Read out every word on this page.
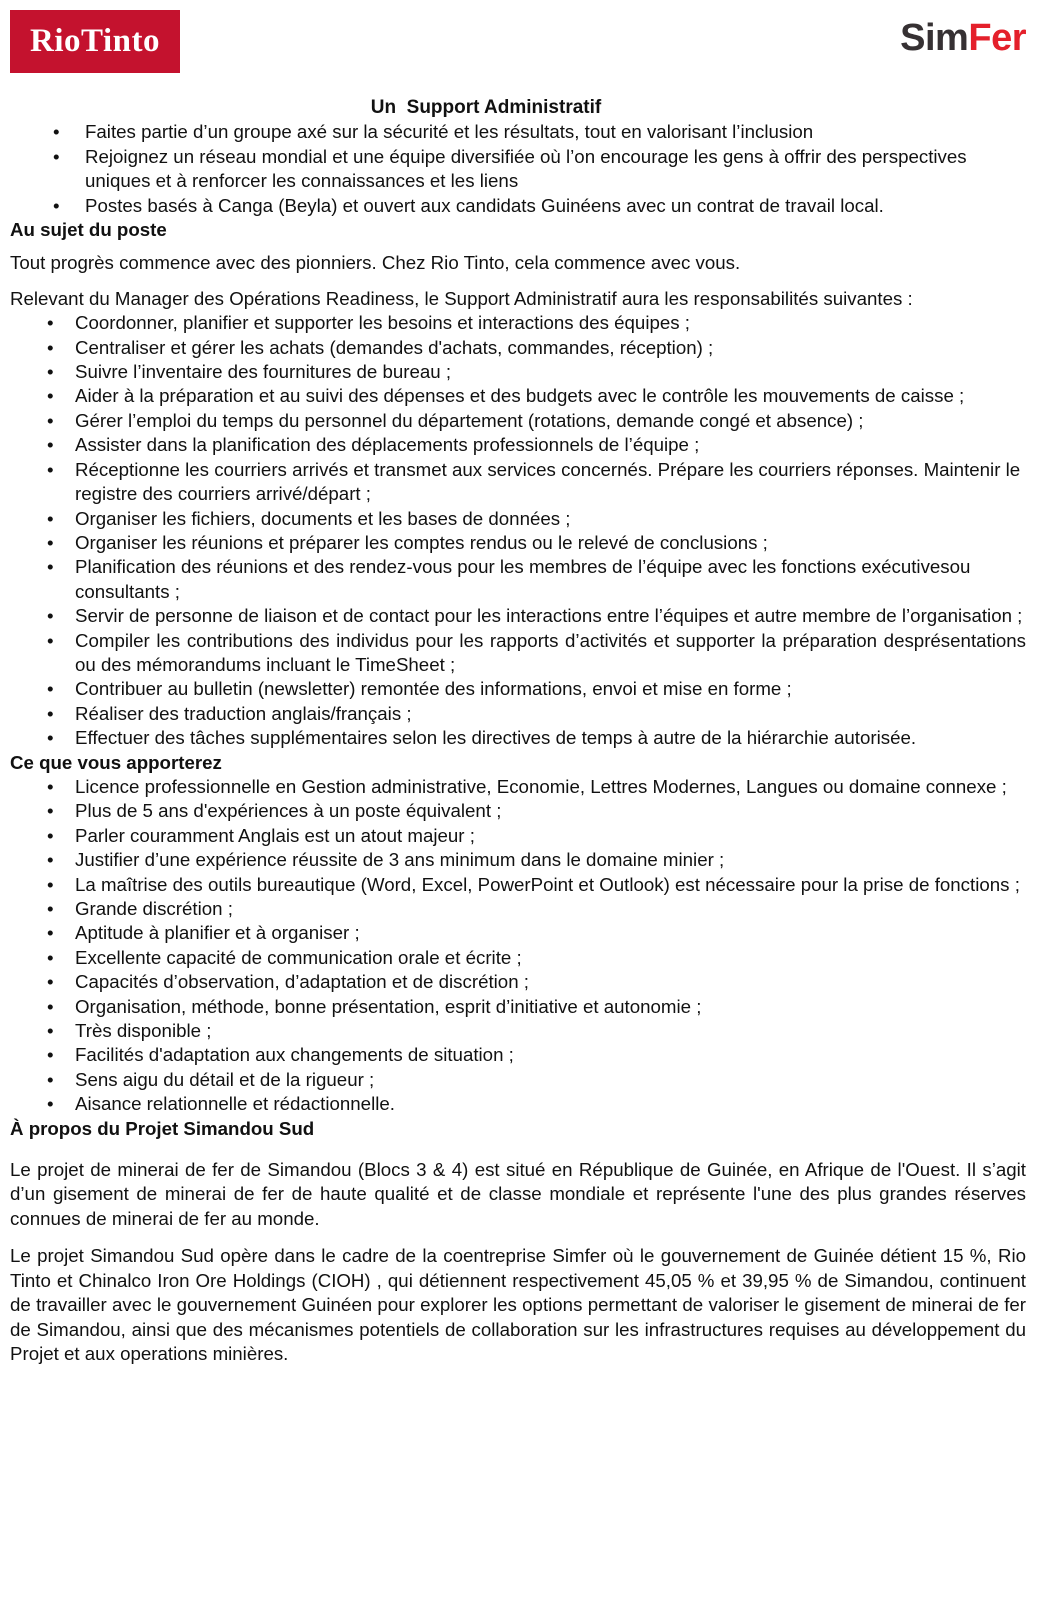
RioTinto	SimFer
Un  Support Administratif
• Faites partie d’un groupe axé sur la sécurité et les résultats, tout en valorisant l’inclusion
• Rejoignez un réseau mondial et une équipe diversifiée où l’on encourage les gens à offrir des perspectives uniques et à renforcer les connaissances et les liens
• Postes basés à Canga (Beyla) et ouvert aux candidats Guinéens avec un contrat de travail local.
Au sujet du poste

Tout progrès commence avec des pionniers. Chez Rio Tinto, cela commence avec vous.

Relevant du Manager des Opérations Readiness, le Support Administratif aura les responsabilités suivantes :

• Coordonner, planifier et supporter les besoins et interactions des équipes ;
• Centraliser et gérer les achats (demandes d'achats, commandes, réception) ;
• Suivre l’inventaire des fournitures de bureau ;
• Aider à la préparation et au suivi des dépenses et des budgets avec le contrôle les mouvements de caisse ;
• Gérer l’emploi du temps du personnel du département (rotations, demande congé et absence) ;
• Assister dans la planification des déplacements professionnels de l’équipe ;
• Réceptionne les courriers arrivés et transmet aux services concernés. Prépare les courriers réponses. Maintenir le registre des courriers arrivé/départ ;
• Organiser les fichiers, documents et les bases de données ;
• Organiser les réunions et préparer les comptes rendus ou le relevé de conclusions ;
• Planification des réunions et des rendez-vous pour les membres de l’équipe avec les fonctions exécutivesou consultants ;
• Servir de personne de liaison et de contact pour les interactions entre l’équipes et autre membre de l’organisation ;
• Compiler les contributions des individus pour les rapports d’activités et supporter la préparation desprésentations ou des mémorandums incluant le TimeSheet ;
• Contribuer au bulletin (newsletter) remontée des informations, envoi et mise en forme ;
• Réaliser des traduction anglais/français ;
• Effectuer des tâches supplémentaires selon les directives de temps à autre de la hiérarchie autorisée.
Ce que vous apporterez
• Licence professionnelle en Gestion administrative, Economie, Lettres Modernes, Langues ou domaine connexe ;
• Plus de 5 ans d'expériences à un poste équivalent ;
• Parler couramment Anglais est un atout majeur ;
• Justifier d’une expérience réussite de 3 ans minimum dans le domaine minier ;
• La maîtrise des outils bureautique (Word, Excel, PowerPoint et Outlook) est nécessaire pour la prise de fonctions ;
• Grande discrétion ;
• Aptitude à planifier et à organiser ;
• Excellente capacité de communication orale et écrite ;
• Capacités d’observation, d’adaptation et de discrétion ;
• Organisation, méthode, bonne présentation, esprit d’initiative et autonomie ;
• Très disponible ;
• Facilités d'adaptation aux changements de situation ;
• Sens aigu du détail et de la rigueur ;
• Aisance relationnelle et rédactionnelle.
À propos du Projet Simandou Sud

Le projet de minerai de fer de Simandou (Blocs 3 & 4) est situé en République de Guinée, en Afrique de l'Ouest. Il s’agit d’un gisement de minerai de fer de haute qualité et de classe mondiale et représente l'une des plus grandes réserves connues de minerai de fer au monde.

Le projet Simandou Sud opère dans le cadre de la coentreprise Simfer où le gouvernement de Guinée détient 15 %, Rio Tinto et Chinalco Iron Ore Holdings (CIOH) , qui détiennent respectivement 45,05 % et 39,95 % de Simandou, continuent de travailler avec le gouvernement Guinéen pour explorer les options permettant de valoriser le gisement de minerai de fer de Simandou, ainsi que des mécanismes potentiels de collaboration sur les infrastructures requises au développement du Projet et aux operations minières.
